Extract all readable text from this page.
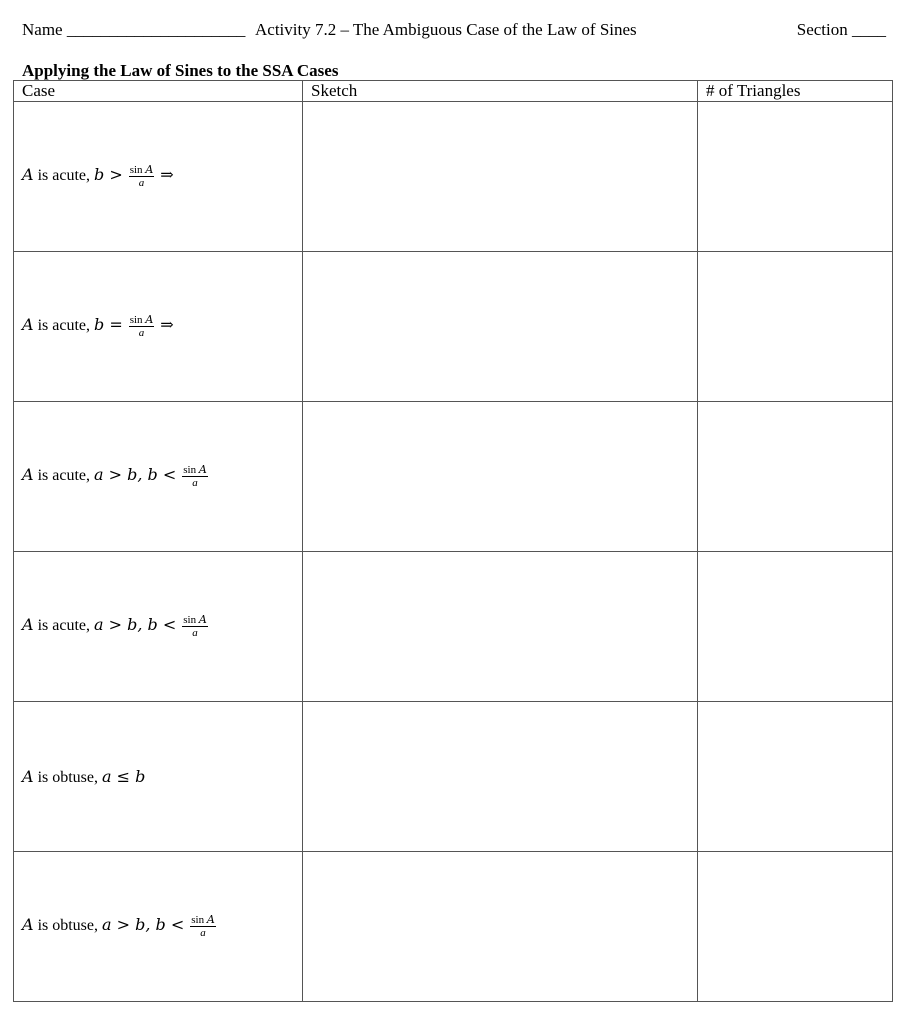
Name _____________________ Activity 7.2 – The Ambiguous Case of the Law of Sines	Section ____
Applying the Law of Sines to the SSA Cases
Case	Sketch	# of Triangles
A is acute, $b > \frac{\text{sin A}}{a}$ ⇒		
A is acute, $b = \frac{\text{sin A}}{a}$ ⇒		
A is acute, a > b, $b < \frac{\text{sin A}}{a}$

A is acute, a > b, $b < \frac{\text{sin A}}{a}$

A is obtuse, a ≤ b		
A is obtuse, a > b, $b < \frac{\text{sin A}}{a}$
